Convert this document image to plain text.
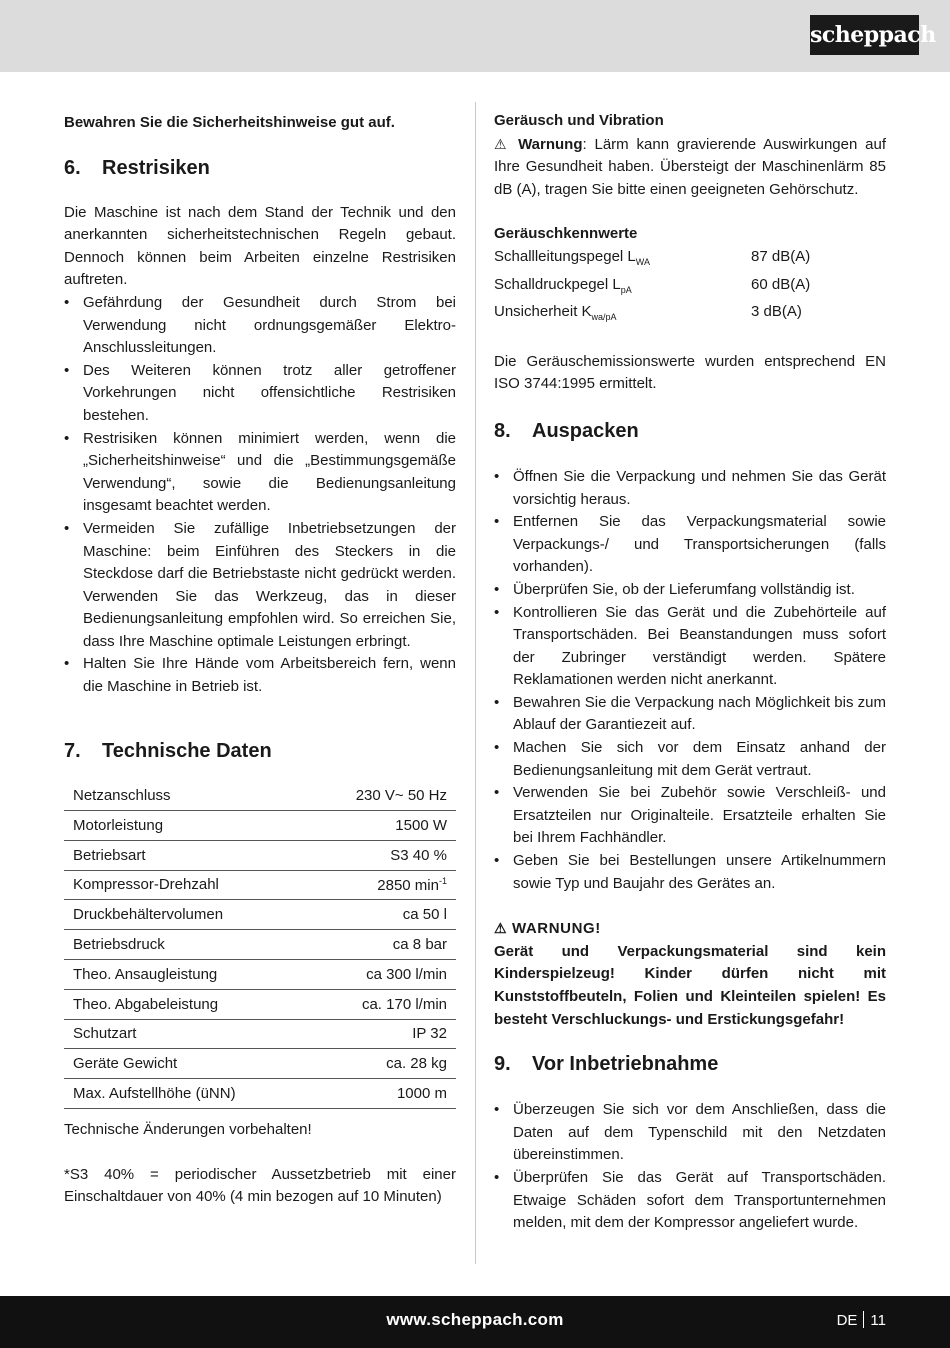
scheppach

Bewahren Sie die Sicherheitshinweise gut auf.

6.	Restrisiken

Die Maschine ist nach dem Stand der Technik und den anerkannten sicherheitstechnischen Regeln gebaut. Dennoch können beim Arbeiten einzelne Restrisiken auftreten.

• Gefährdung der Gesundheit durch Strom bei Verwendung nicht ordnungsgemäßer Elektro-Anschlussleitungen.
• Des Weiteren können trotz aller getroffener Vorkehrungen nicht offensichtliche Restrisiken bestehen.
• Restrisiken können minimiert werden, wenn die „Sicherheitshinweise“ und die „Bestimmungsgemäße Verwendung“, sowie die Bedienungsanleitung insgesamt beachtet werden.
• Vermeiden Sie zufällige Inbetriebsetzungen der Maschine: beim Einführen des Steckers in die Steckdose darf die Betriebstaste nicht gedrückt werden. Verwenden Sie das Werkzeug, das in dieser Bedienungsanleitung empfohlen wird. So erreichen Sie, dass Ihre Maschine optimale Leistungen erbringt.
• Halten Sie Ihre Hände vom Arbeitsbereich fern, wenn die Maschine in Betrieb ist.
7.	Technische Daten
Netzanschluss	230 V~ 50 Hz
Motorleistung	1500 W
Betriebsart	S3 40 %
Kompressor-Drehzahl	2850 $\min^{-1}$
Druckbehältervolumen	ca 50 l
Betriebsdruck	ca 8 bar
Theo. Ansaugleistung	ca 300 l/min
Theo. Abgabeleistung	ca. 170 l/min
Schutzart	IP 32
Geräte Gewicht	ca. 28 kg
Max. Aufstellhöhe (üNN)	1000 m

Technische Änderungen vorbehalten!

*S3 40% = periodischer Aussetzbetrieb mit einer Einschaltdauer von 40% (4 min bezogen auf 10 Minuten)

Geräusch und Vibration

⚠ Warnung: Lärm kann gravierende Auswirkungen auf Ihre Gesundheit haben. Übersteigt der Maschinenlärm 85 dB (A), tragen Sie bitte einen geeigneten Gehörschutz.

Geräuschkennwerte

Schallleitungspegel $L_{WA}$	87 dB(A)
Schalldruckpegel $L_{pA}$	60 dB(A)
Unsicherheit $K_{wa/pA}$	3 dB(A)

Die Geräuschemissionswerte wurden entsprechend EN ISO 3744:1995 ermittelt.

8.	Auspacken
• Öffnen Sie die Verpackung und nehmen Sie das Gerät vorsichtig heraus.
• Entfernen Sie das Verpackungsmaterial sowie Verpackungs-/ und Transportsicherungen (falls vorhanden).
• Überprüfen Sie, ob der Lieferumfang vollständig ist.
• Kontrollieren Sie das Gerät und die Zubehörteile auf Transportschäden. Bei Beanstandungen muss sofort der Zubringer verständigt werden. Spätere Reklamationen werden nicht anerkannt.
• Bewahren Sie die Verpackung nach Möglichkeit bis zum Ablauf der Garantiezeit auf.
• Machen Sie sich vor dem Einsatz anhand der Bedienungsanleitung mit dem Gerät vertraut.
• Verwenden Sie bei Zubehör sowie Verschleiß- und Ersatzteilen nur Originalteile. Ersatzteile erhalten Sie bei Ihrem Fachhändler.
• Geben Sie bei Bestellungen unsere Artikelnummern sowie Typ und Baujahr des Gerätes an.

⚠ WARNUNG!

Gerät und Verpackungsmaterial sind kein Kinderspielzeug! Kinder dürfen nicht mit Kunststoffbeuteln, Folien und Kleinteilen spielen! Es besteht Verschluckungs- und Erstickungsgefahr!

9.	Vor Inbetriebnahme
• Überzeugen Sie sich vor dem Anschließen, dass die Daten auf dem Typenschild mit den Netzdaten übereinstimmen.
• Überprüfen Sie das Gerät auf Transportschäden. Etwaige Schäden sofort dem Transportunternehmen melden, mit dem der Kompressor angeliefert wurde.
www.scheppach.com	DE 11
